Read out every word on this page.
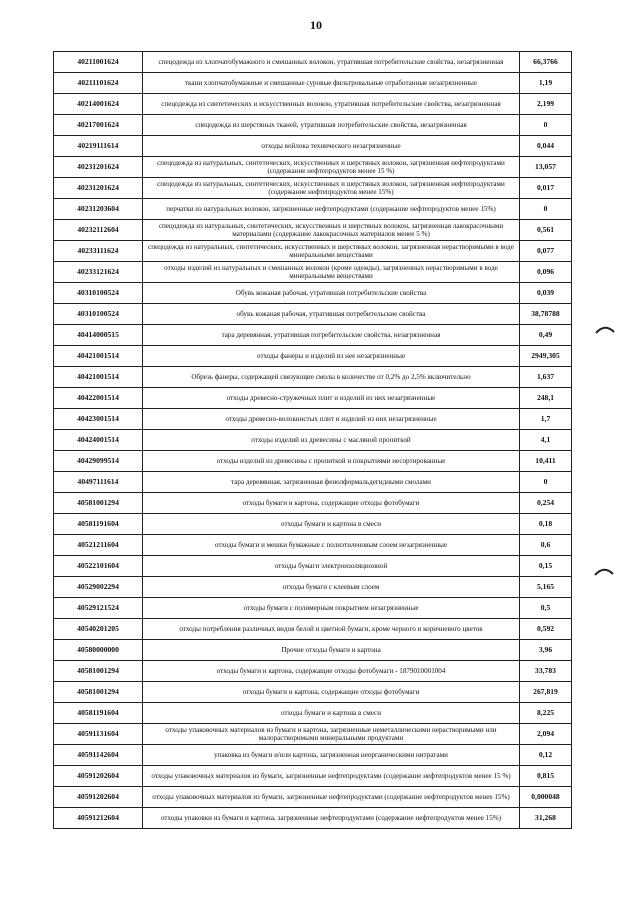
10
40211001624	спецодежда из хлопчатобумажного и смешанных волокон, утратившая потребительские свойства, незагрязненная	66,3766
40211101624	ткани хлопчатобумажные и смешанные суровые фильтровальные отработанные незагрязненные	1,19
40214001624	спецодежда из синтетических и искусственных волокон, утратившая потребительские свойства, незагрязненная	2,199
40217001624	спецодежда из шерстяных тканей, утратившая потребительские свойства, незагрязненная	0
40219111614	отходы войлока технического незагрязненные	0,044
40231201624	спецодежда из натуральных, синтетических, искусственных и шерстяных волокон, загрязненная нефтепродуктами (содержание нефтепродуктов менее 15 %)	13,057
40231201624	спецодежда из натуральных, синтетических, искусственных и шерстяных волокон, загрязненная нефтепродуктами (содержание нефтепродуктов менее 15%)	0,017
40231203604	перчатки из натуральных волокон, загрязненные нефтепродуктами (содержание нефтепродуктов менее 15%)	0
40232112604	спецодежда из натуральных, синтетических, искусственных и шерстяных волокон, загрязненная лакокрасочными материалами (содержание лакокрасочных материалов менее 5 %)	0,561
40233111624	спецодежда из натуральных, синтетических, искусственных и шерстяных волокон, загрязненная нерастворимыми в воде минеральными веществами	0,077
40233121624	отходы изделий из натуральных и смешанных волокон (кроме одежды), загрязненных нерастворимыми в воде минеральными веществами	0,096
40310100524	Обувь кожаная рабочая, утратившая потребительские свойства	0,039
40310100524	обувь кожаная рабочая, утратившая потребительские свойства	38,78788
40414000515	тара деревянная, утратившая потребительские свойства, незагрязненная	0,49
40421001514	отходы фанеры и изделий из нее незагрязненные	2949,305
40421001514	Обрезь фанеры, содержащей связующие смолы в количестве от 0,2% до 2,5% включительно	1,637
40422001514	отходы древесно-стружечных плит и изделий из них незагрязненные	248,1
40423001514	отходы древесно-волокнистых плит и изделий из них незагрязненные	1,7
40424001514	отходы изделий из древесины с масляной пропиткой	4,1
40429099514	отходы изделий из древесины с пропиткой и покрытиями несортированные	10,411
40497111614	тара деревянная, загрязненная фенолформальдегидными смолами	0
40581001294	отходы бумаги и картона, содержащие отходы фотобумаги	0,254
40581191604	отходы бумаги и картона в смеси	0,18
40521211604	отходы бумаги и мешки бумажные с полиэтиленовым слоем незагрязненные	0,6
40522101604	отходы бумаги электроизоляционной	0,15
40529002294	отходы бумаги с клеевым слоем	5,165
40529121524	отходы бумаги с полимерным покрытием незагрязненные	0,5
40540201205	отходы потребления различных видов белой и цветной бумаги, кроме черного и коричневого цветов	0,592
40580000000	Прочие отходы бумаги и картона	3,96
40581001294	отходы бумаги и картона, содержащие отходы фотобумаги - 1879010001004	33,783
40581001294	отходы бумаги и картона, содержащие отходы фотобумаги	267,819
40581191604	отходы бумаги и картона в смеси	8,225
40591131604	отходы упаковочных материалов из бумаги и картона, загрязненные неметаллическими нерастворимыми или малорастворимыми минеральными продуктами	2,094
40591142604	упаковка из бумаги и/или картона, загрязненная неорганическими нитратами	0,12
40591202604	отходы упаковочных материалов из бумаги, загрязненные нефтепродуктами (содержание нефтепродуктов менее 15 %)	0,815
40591202604	отходы упаковочных материалов из бумаги, загрязненные нефтепродуктами (содержание нефтепродуктов менее 15%)	0,000048
40591212604	отходы упаковки из бумаги и картона, загрязненные нефтепродуктами (содержание нефтепродуктов менее 15%)	31,268
